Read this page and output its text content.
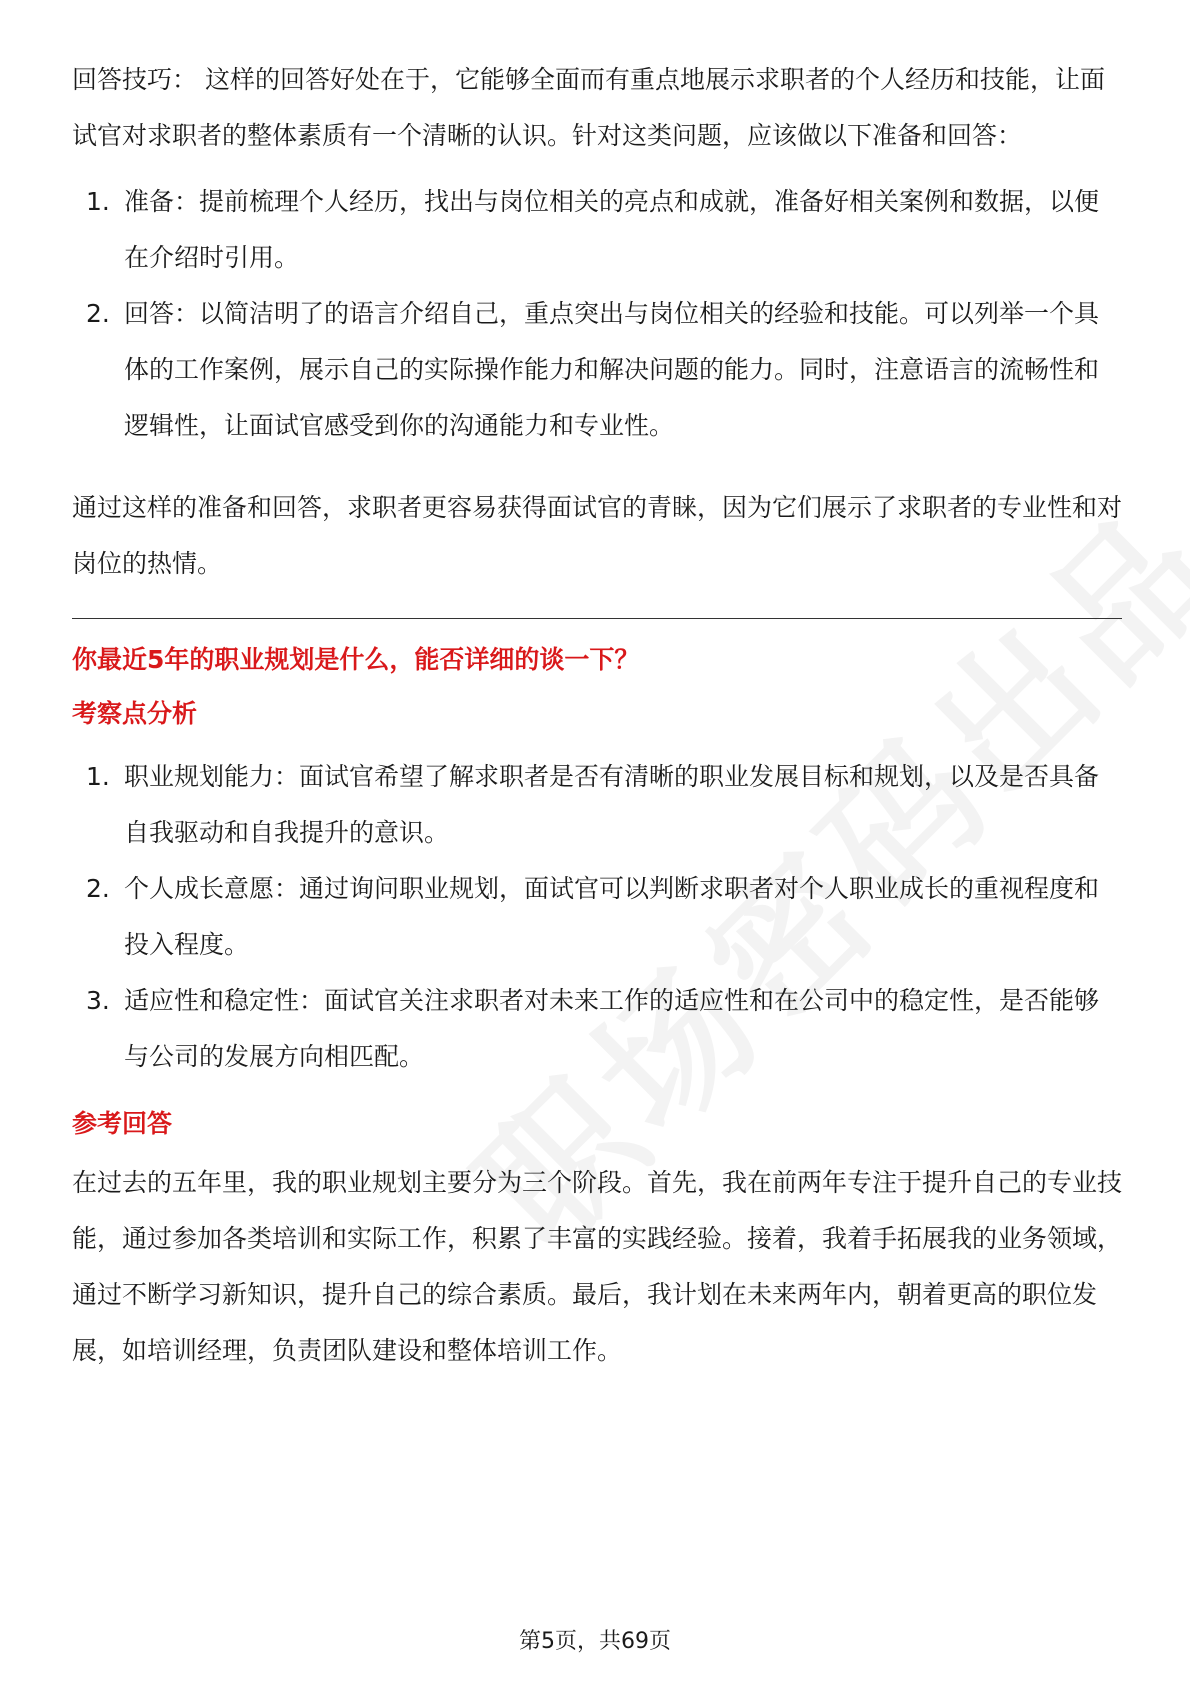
回答技巧： 这样的回答好处在于，它能够全面而有重点地展示求职者的个人经历和技能，让面试官对求职者的整体素质有一个清晰的认识。针对这类问题，应该做以下准备和回答：

1. 准备：提前梳理个人经历，找出与岗位相关的亮点和成就，准备好相关案例和数据，以便在介绍时引用。
2. 回答：以简洁明了的语言介绍自己，重点突出与岗位相关的经验和技能。可以列举一个具体的工作案例，展示自己的实际操作能力和解决问题的能力。同时，注意语言的流畅性和逻辑性，让面试官感受到你的沟通能力和专业性。

通过这样的准备和回答，求职者更容易获得面试官的青睐，因为它们展示了求职者的专业性和对岗位的热情。

你最近5年的职业规划是什么，能否详细的谈一下？

考察点分析

1. 职业规划能力：面试官希望了解求职者是否有清晰的职业发展目标和规划，以及是否具备自我驱动和自我提升的意识。
2. 个人成长意愿：通过询问职业规划，面试官可以判断求职者对个人职业成长的重视程度和投入程度。
3. 适应性和稳定性：面试官关注求职者对未来工作的适应性和在公司中的稳定性，是否能够与公司的发展方向相匹配。

参考回答

在过去的五年里，我的职业规划主要分为三个阶段。首先，我在前两年专注于提升自己的专业技能，通过参加各类培训和实际工作，积累了丰富的实践经验。接着，我着手拓展我的业务领域，通过不断学习新知识，提升自己的综合素质。最后，我计划在未来两年内，朝着更高的职位发展，如培训经理，负责团队建设和整体培训工作。

第5页，共69页
